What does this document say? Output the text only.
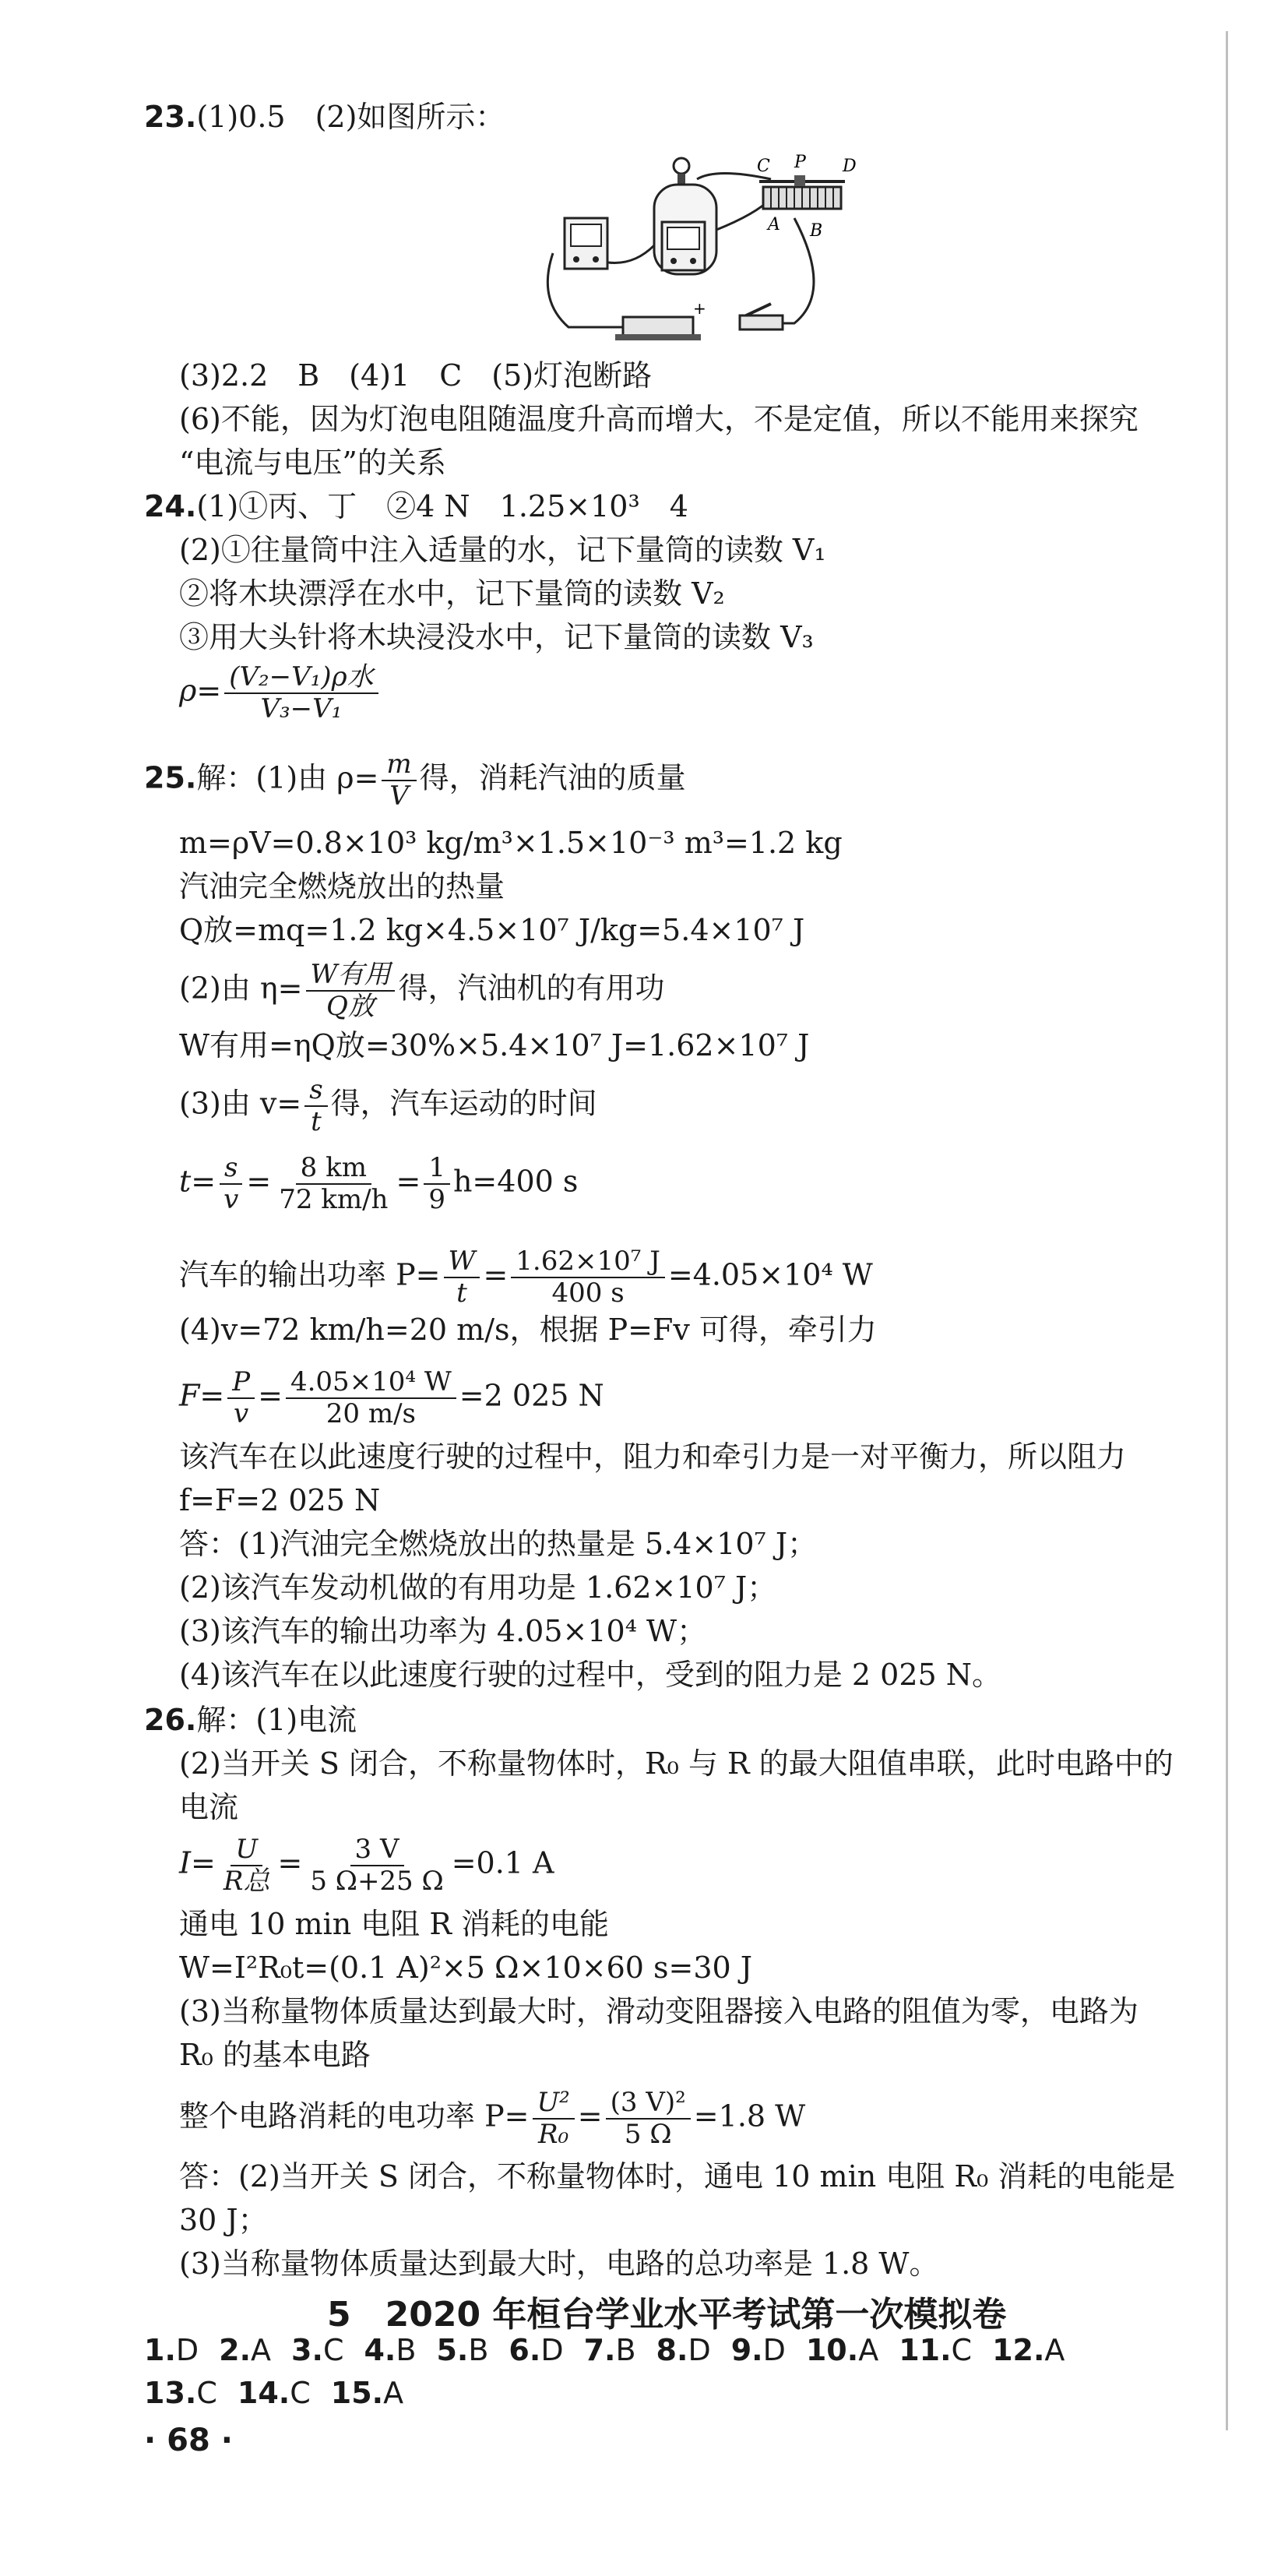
23.(1)0.5　(2)如图所示：
C P D
A B
+
(3)2.2　B　(4)1　C　(5)灯泡断路
(6)不能，因为灯泡电阻随温度升高而增大，不是定值，所以不能用来探究
“电流与电压”的关系
24.(1)①丙、丁　②4 N　1.25×10³　4
(2)①往量筒中注入适量的水，记下量筒的读数 V₁
②将木块漂浮在水中，记下量筒的读数 V₂
③用大头针将木块浸没水中，记下量筒的读数 V₃
$\rho= \frac{\text{(V₂−V₁)ρ水}}{\text{V₃−V₁}}$
25.解：(1)由 $\rho= \frac{m}{V}$ 得，消耗汽油的质量
m=ρV=0.8×10³ kg/m³×1.5×10⁻³ m³=1.2 kg
汽油完全燃烧放出的热量
Q放=mq=1.2 kg×4.5×10⁷ J/kg=5.4×10⁷ J
(2)由 $\eta= \frac{\text{W有用}}{\text{Q放}}$ 得，汽油机的有用功
W有用=ηQ放=30%×5.4×10⁷ J=1.62×10⁷ J
(3)由 $v= \frac{s}{t}$ 得，汽车运动的时间
$t= \frac{s}{v} = \frac{8 km}{72 km/h} = \frac{1}{9} h=400$ s
汽车的输出功率 $P= \frac{W}{t} = \frac{\text{1.62×10⁷ J}}{400 s} =4.05\times 10^4$ W
(4)v=72 km/h=20 m/s，根据 P=Fv 可得，牵引力
$F= \frac{P}{v} = \frac{\text{4.05×10⁴ W}}{20 m/s} =2$ 025 N
该汽车在以此速度行驶的过程中，阻力和牵引力是一对平衡力，所以阻力
f=F=2 025 N
答：(1)汽油完全燃烧放出的热量是 5.4×10⁷ J；
(2)该汽车发动机做的有用功是 1.62×10⁷ J；
(3)该汽车的输出功率为 4.05×10⁴ W；
(4)该汽车在以此速度行驶的过程中，受到的阻力是 2 025 N。
26.解：(1)电流
(2)当开关 S 闭合，不称量物体时，R₀ 与 R 的最大阻值串联，此时电路中的
电流
$I= \frac{U}{\text{R总}} = \frac{3 V}{5 \Omega+25 \Omega} =0.1$ A
通电 10 min 电阻 R 消耗的电能
W=I²R₀t=(0.1 A)²×5 Ω×10×60 s=30 J
(3)当称量物体质量达到最大时，滑动变阻器接入电路的阻值为零，电路为
R₀ 的基本电路
整个电路消耗的电功率 $P= \frac{\text{U²}}{\text{R₀}} = \frac{\text{(3 V)²}}{5 \Omega} =1.8$ W
答：(2)当开关 S 闭合，不称量物体时，通电 10 min 电阻 R₀ 消耗的电能是
30 J；
(3)当称量物体质量达到最大时，电路的总功率是 1.8 W。
5　2020 年桓台学业水平考试第一次模拟卷
1.D 2.A 3.C 4.B 5.B 6.D 7.B 8.D 9.D 10.A 11.C 12.A
13.C 14.C 15.A
· 68 ·
